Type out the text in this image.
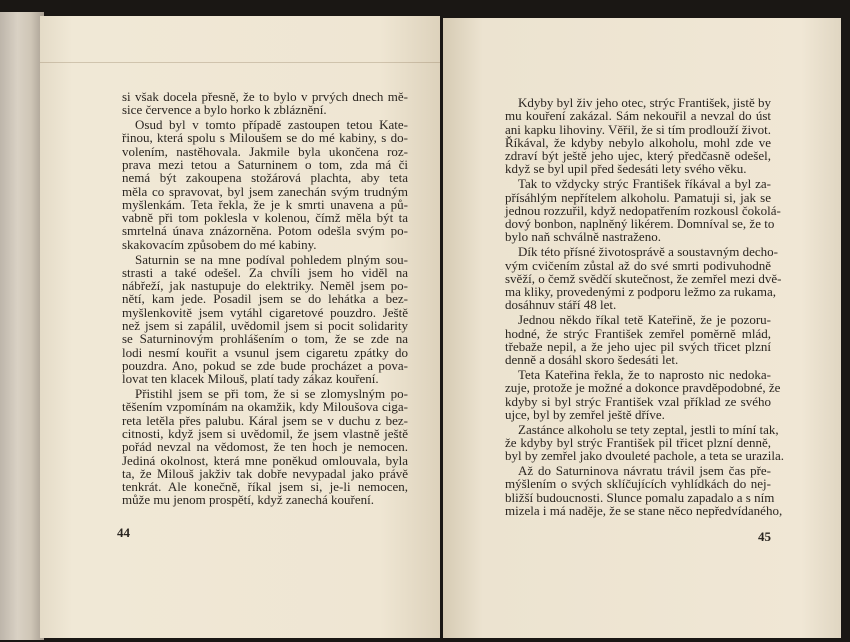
si však docela přesně, že to bylo v prvých dnech mě-
sice července a bylo horko k zbláznění.
Osud byl v tomto případě zastoupen tetou Kate-
řinou, která spolu s Miloušem se do mé kabiny, s do-
volením, nastěhovala. Jakmile byla ukončena roz-
prava mezi tetou a Saturninem o tom, zda má či
nemá být zakoupena stožárová plachta, aby teta
měla co spravovat, byl jsem zanechán svým trudným
myšlenkám. Teta řekla, že je k smrti unavena a pů-
vabně při tom poklesla v kolenou, čímž měla být ta
smrtelná únava znázorněna. Potom odešla svým po-
skakovacím způsobem do mé kabiny.
Saturnin se na mne podíval pohledem plným sou-
strasti a také odešel. Za chvíli jsem ho viděl na
nábřeží, jak nastupuje do elektriky. Neměl jsem po-
nětí, kam jede. Posadil jsem se do lehátka a bez-
myšlenkovitě jsem vytáhl cigaretové pouzdro. Ještě
než jsem si zapálil, uvědomil jsem si pocit solidarity
se Saturninovým prohlášením o tom, že se zde na
lodi nesmí kouřit a vsunul jsem cigaretu zpátky do
pouzdra. Ano, pokud se zde bude procházet a pova-
lovat ten klacek Milouš, platí tady zákaz kouření.
Přistihl jsem se při tom, že si se zlomyslným po-
těšením vzpomínám na okamžik, kdy Miloušova ciga-
reta letěla přes palubu. Káral jsem se v duchu z bez-
citnosti, když jsem si uvědomil, že jsem vlastně ještě
pořád nevzal na vědomost, že ten hoch je nemocen.
Jediná okolnost, která mne poněkud omlouvala, byla
ta, že Milouš jakživ tak dobře nevypadal jako právě
tenkrát. Ale konečně, říkal jsem si, je-li nemocen,
může mu jenom prospětí, když zanechá kouření.
44
Kdyby byl živ jeho otec, strýc František, jistě by
mu kouření zakázal. Sám nekouřil a nevzal do úst
ani kapku lihoviny. Věřil, že si tím prodlouží život.
Říkával, že kdyby nebylo alkoholu, mohl zde ve
zdraví být ještě jeho ujec, který předčasně odešel,
když se byl upil před šedesáti lety svého věku.
Tak to vždycky strýc František říkával a byl za-
přísáhlým nepřítelem alkoholu. Pamatuji si, jak se
jednou rozzuřil, když nedopatřením rozkousl čokolá-
dový bonbon, naplněný likérem. Domníval se, že to
bylo naň schválně nastraženo.
Dík této přísné životosprávě a soustavným decho-
vým cvičením zůstal až do své smrti podivuhodně
svěží, o čemž svědčí skutečnost, že zemřel mezi dvě-
ma kliky, provedenými z podporu ležmo za rukama,
dosáhnuv stáří 48 let.
Jednou někdo říkal tetě Kateřině, že je pozoru-
hodné, že strýc František zemřel poměrně mlád,
třebaže nepil, a že jeho ujec pil svých třicet plzní
denně a dosáhl skoro šedesáti let.
Teta Kateřina řekla, že to naprosto nic nedoka-
zuje, protože je možné a dokonce pravděpodobné, že
kdyby si byl strýc František vzal příklad ze svého
ujce, byl by zemřel ještě dříve.
Zastánce alkoholu se tety zeptal, jestli to míní tak,
že kdyby byl strýc František pil třicet plzní denně,
byl by zemřel jako dvouleté pachole, a teta se urazila.
Až do Saturninova návratu trávil jsem čas pře-
mýšlením o svých sklíčujících vyhlídkách do nej-
bližší budoucnosti. Slunce pomalu zapadalo a s ním
mizela i má naděje, že se stane něco nepředvídaného,
45
